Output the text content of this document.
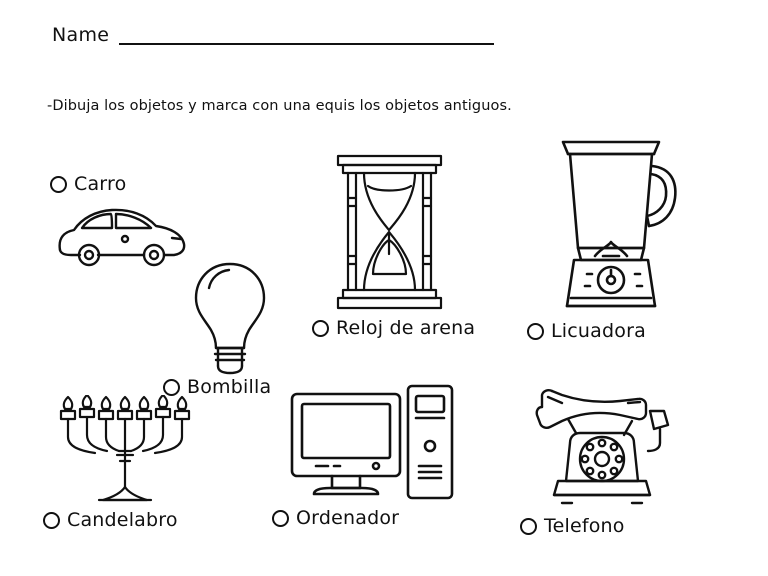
Name
-Dibuja los objetos y marca con una equis los objetos antiguos.
Carro
Bombilla
Reloj de arena	Licuadora
Candelabro	Ordenador	Telefono
